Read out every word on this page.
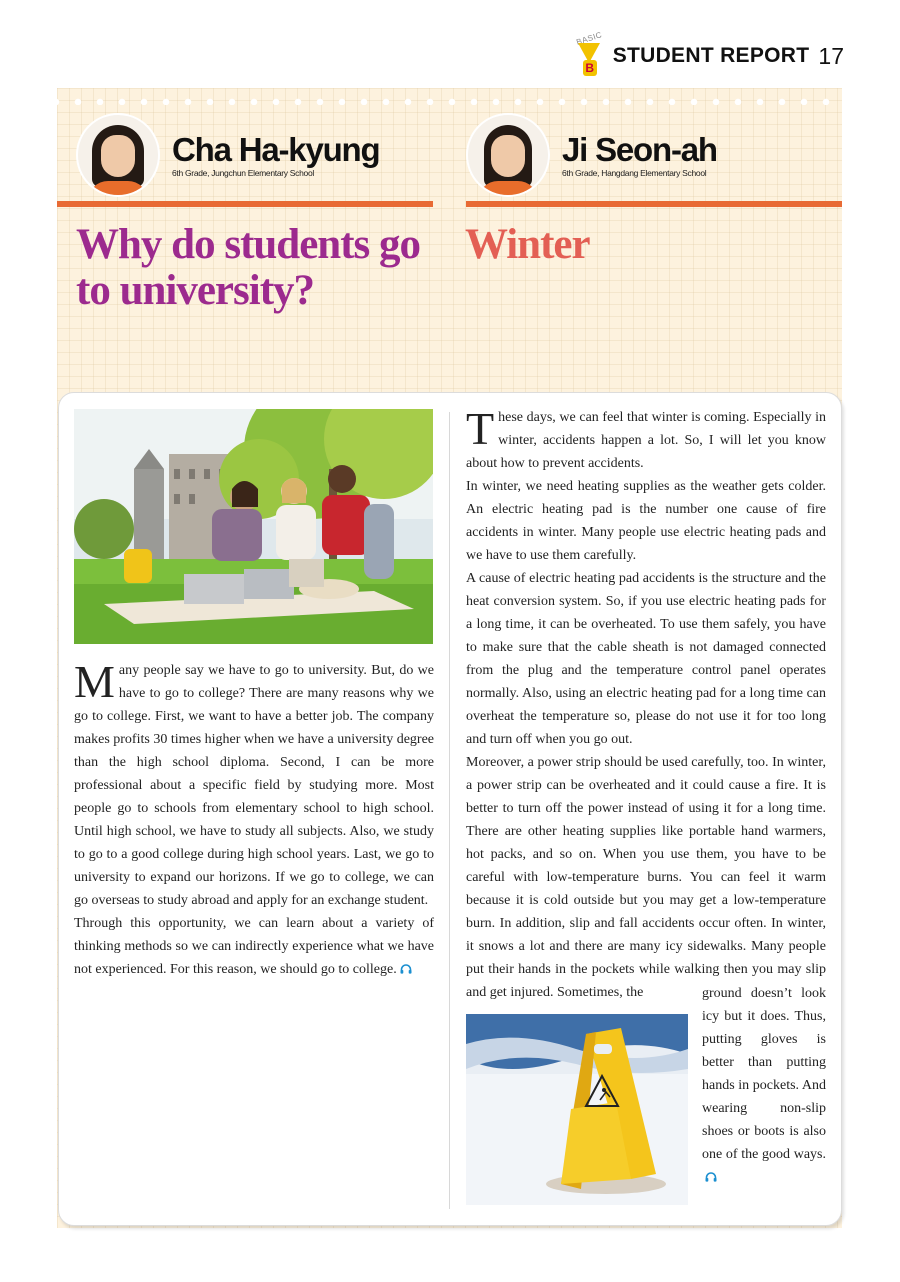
BASIC
B
STUDENT REPORT 17
Cha Ha-kyung
6th Grade, Jungchun Elementary School
Ji Seon-ah
6th Grade, Hangdang Elementary School
Why do students go to university?
Winter

Many people say we have to go to university. But, do we have to go to college? There are many reasons why we go to college. First, we want to have a better job. The company makes profits 30 times higher when we have a university degree than the high school diploma. Second, I can be more professional about a specific field by studying more. Most people go to schools from elementary school to high school. Until high school, we have to study all subjects. Also, we study to go to a good college during high school years. Last, we go to university to expand our horizons. If we go to college, we can go overseas to study abroad and apply for an exchange student.

Through this opportunity, we can learn about a variety of thinking methods so we can indirectly experience what we have not experienced. For this reason, we should go to college.

These days, we can feel that winter is coming. Especially in winter, accidents happen a lot. So, I will let you know about how to prevent accidents.

In winter, we need heating supplies as the weather gets colder. An electric heating pad is the number one cause of fire accidents in winter. Many people use electric heating pads and we have to use them carefully.

A cause of electric heating pad accidents is the structure and the heat conversion system. So, if you use electric heating pads for a long time, it can be overheated. To use them safely, you have to make sure that the cable sheath is not damaged connected from the plug and the temperature control panel operates normally. Also, using an electric heating pad for a long time can overheat the temperature so, please do not use it for too long and turn off when you go out.

Moreover, a power strip should be used carefully, too. In winter, a power strip can be overheated and it could cause a fire. It is better to turn off the power instead of using it for a long time. There are other heating supplies like portable hand warmers, hot packs, and so on. When you use them, you have to be careful with low-temperature burns. You can feel it warm because it is cold outside but you may get a low-temperature burn. In addition, slip and fall accidents occur often. In winter, it snows a lot and there are many icy sidewalks. Many people put their hands in the pockets while walking then you may slip and get injured. Sometimes, the	ground doesn’t look icy but it does. Thus, putting gloves is better than putting hands in pockets. And wearing non-slip shoes or boots is also one of the good ways.
